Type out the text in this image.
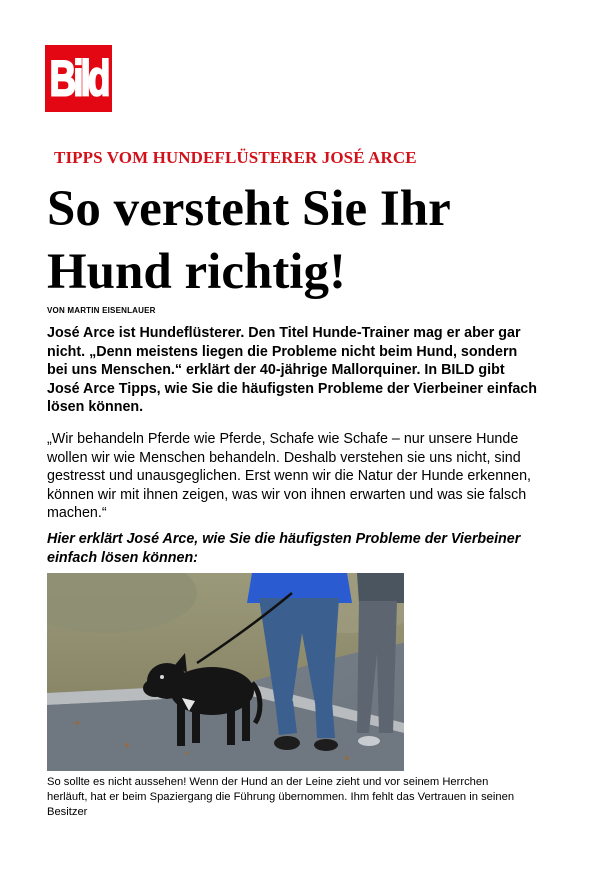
Bild
TIPPS VOM HUNDEFLÜSTERER JOSÉ ARCE
So versteht Sie Ihr
Hund richtig!
VON MARTIN EISENLAUER
José Arce ist Hundeflüsterer. Den Titel Hunde-Trainer mag er aber gar
nicht. „Denn meistens liegen die Probleme nicht beim Hund, sondern
bei uns Menschen.“ erklärt der 40-jährige Mallorquiner. In BILD gibt
José Arce Tipps, wie Sie die häufigsten Probleme der Vierbeiner einfach
lösen können.
„Wir behandeln Pferde wie Pferde, Schafe wie Schafe – nur unsere Hunde
wollen wir wie Menschen behandeln. Deshalb verstehen sie uns nicht, sind
gestresst und unausgeglichen. Erst wenn wir die Natur der Hunde erkennen,
können wir mit ihnen zeigen, was wir von ihnen erwarten und was sie falsch
machen.“
Hier erklärt José Arce, wie Sie die häufigsten Probleme der Vierbeiner
einfach lösen können:
So sollte es nicht aussehen! Wenn der Hund an der Leine zieht und vor seinem Herrchen
herläuft, hat er beim Spaziergang die Führung übernommen. Ihm fehlt das Vertrauen in seinen
Besitzer
